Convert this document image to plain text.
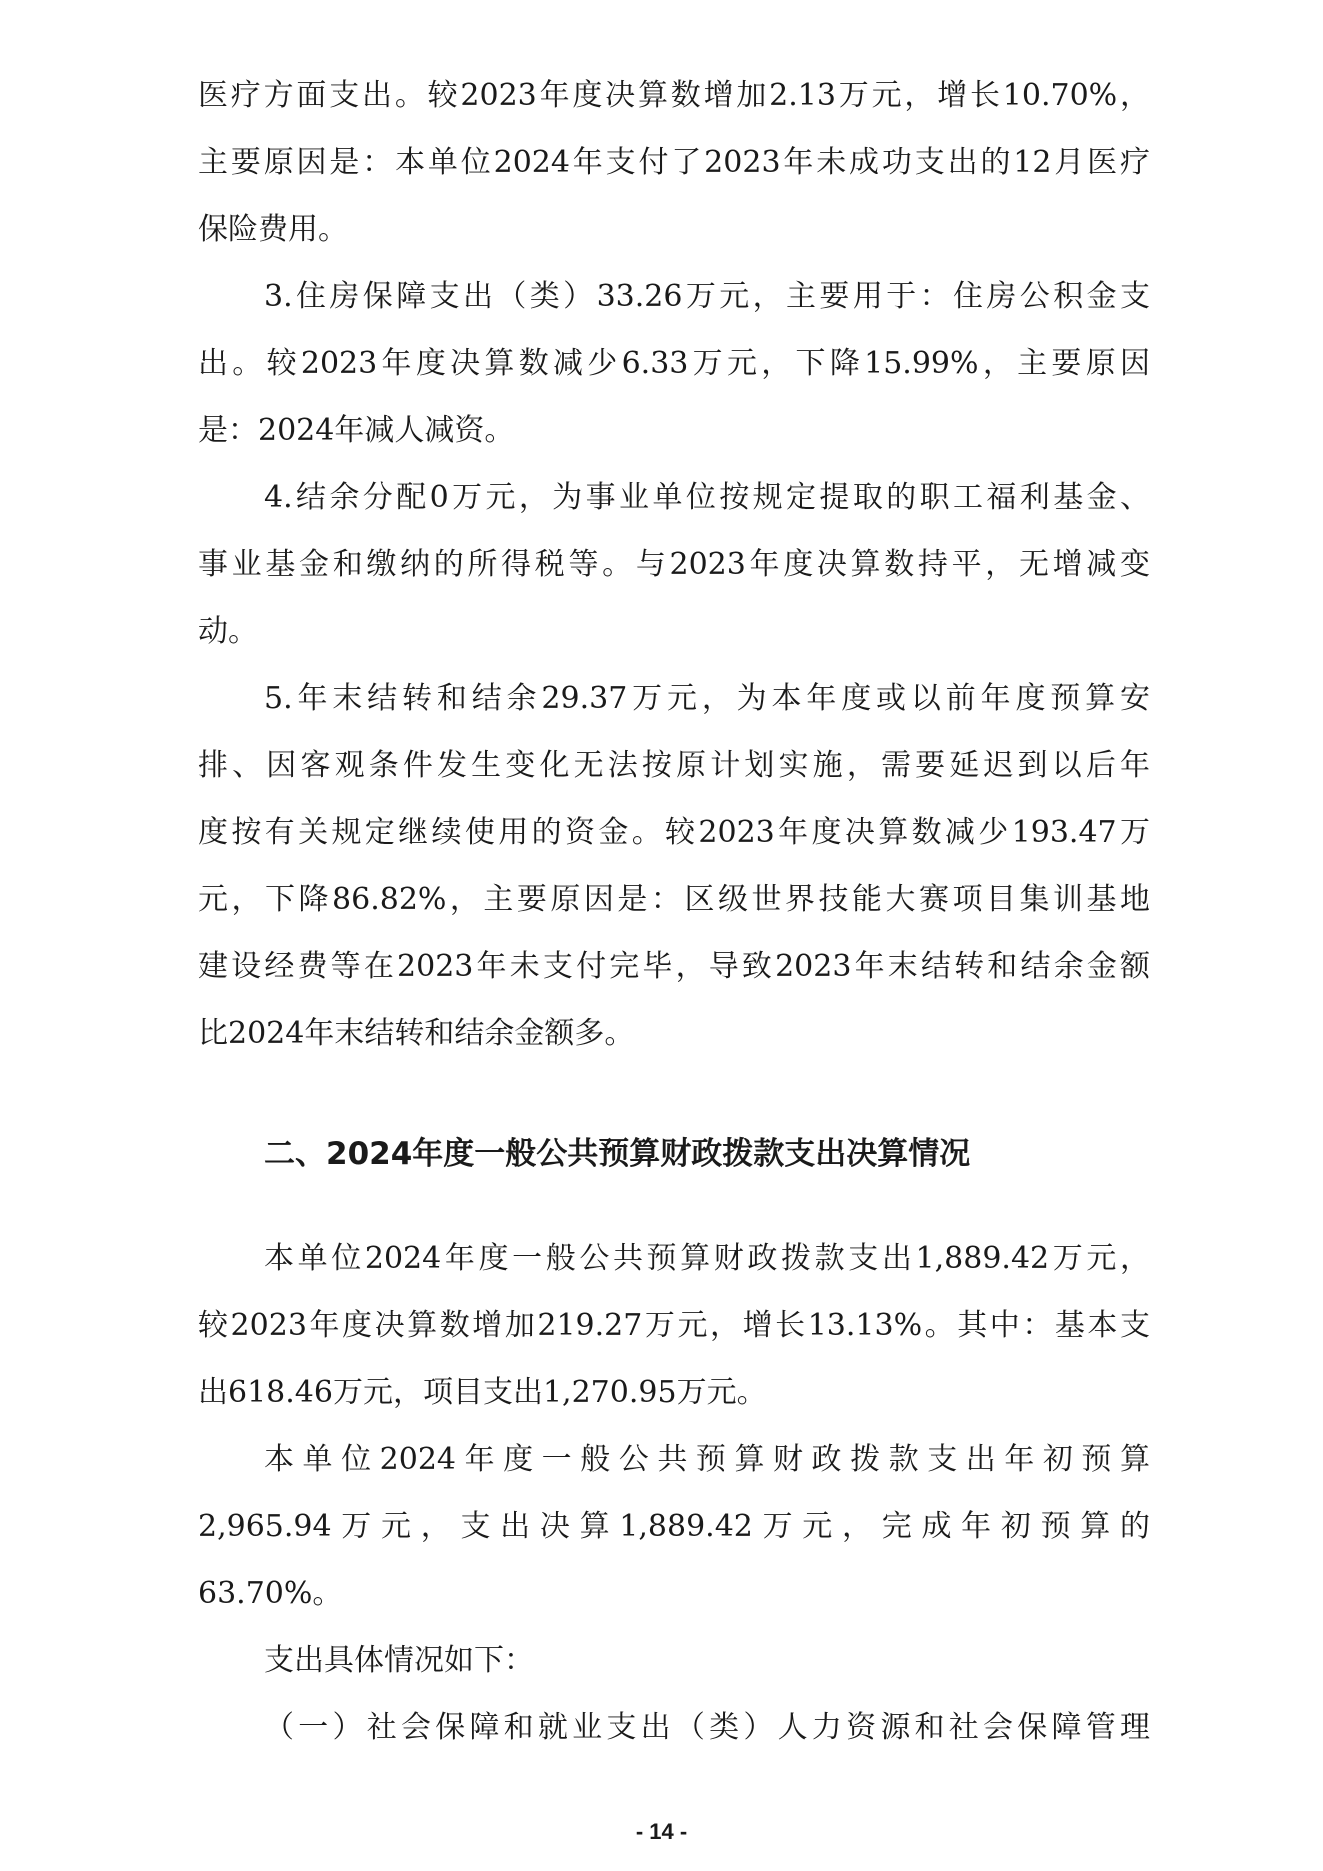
医疗方面支出。较2023年度决算数增加2.13万元，增长10.70%，
主要原因是：本单位2024年支付了2023年未成功支出的12月医疗
保险费用。
3.住房保障支出（类）33.26万元，主要用于：住房公积金支
出。较2023年度决算数减少6.33万元，下降15.99%，主要原因
是：2024年减人减资。
4.结余分配0万元，为事业单位按规定提取的职工福利基金、
事业基金和缴纳的所得税等。与2023年度决算数持平，无增减变
动。
5.年末结转和结余29.37万元，为本年度或以前年度预算安
排、因客观条件发生变化无法按原计划实施，需要延迟到以后年
度按有关规定继续使用的资金。较2023年度决算数减少193.47万
元，下降86.82%，主要原因是：区级世界技能大赛项目集训基地
建设经费等在2023年未支付完毕，导致2023年末结转和结余金额
比2024年末结转和结余金额多。
二、2024年度一般公共预算财政拨款支出决算情况
本单位2024年度一般公共预算财政拨款支出1,889.42万元，
较2023年度决算数增加219.27万元，增长13.13%。其中：基本支
出618.46万元，项目支出1,270.95万元。
本单位2024年度一般公共预算财政拨款支出年初预算
2,965.94万元，支出决算1,889.42万元，完成年初预算的
63.70%。
支出具体情况如下：
（一）社会保障和就业支出（类）人力资源和社会保障管理
- 14 -
